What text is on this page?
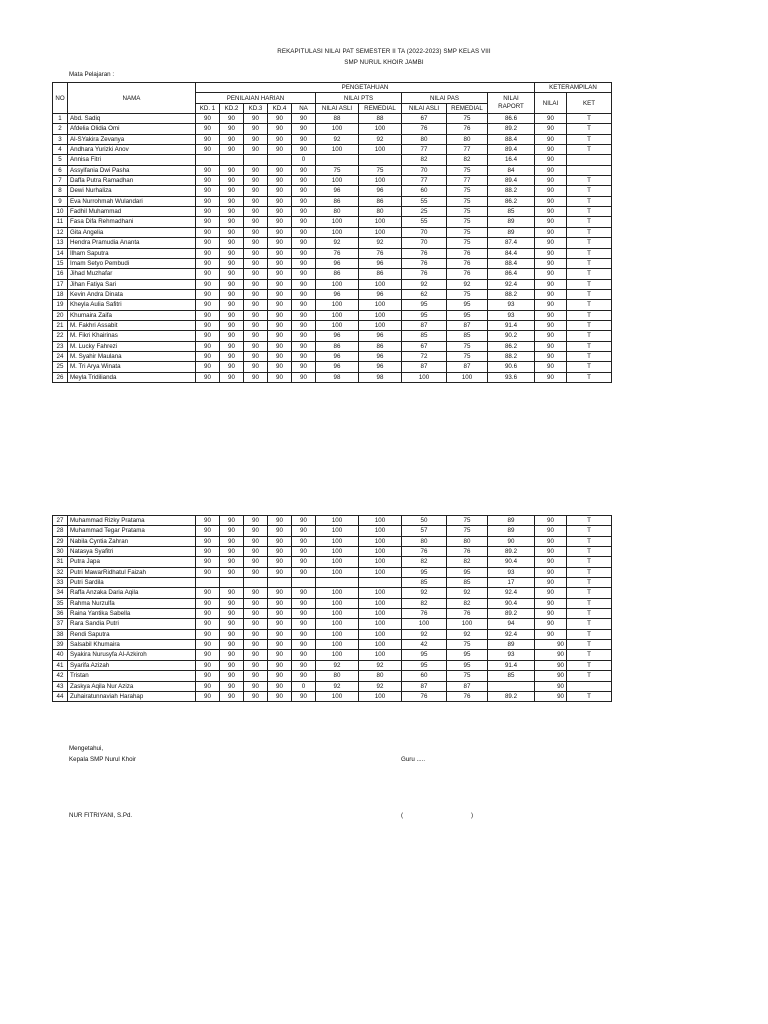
REKAPITULASI NILAI PAT SEMESTER II TA (2022-2023) SMP KELAS VIII
SMP NURUL KHOIR JAMBI
Mata Pelajaran :
NO	NAMA	PENGETAHUAN										KETERAMPILAN	
		PENILAIAN HARIAN					NILAI PTS		NILAI PAS		NILAI RAPORT	NILAI	KET
		KD. 1	KD.2	KD.3	KD.4	NA	NILAI ASLI	REMEDIAL	NILAI ASLI	REMEDIAL			
1	Abd. Sadiq	90	90	90	90	90	88	88	67	75	86.6	90	T
2	Afdelia Olidia Omi	90	90	90	90	90	100	100	76	76	89.2	90	T
3	Al-SYakira Zevanya	90	90	90	90	90	92	92	80	80	88.4	90	T
4	Andhara Yurizki Anov	90	90	90	90	90	100	100	77	77	89.4	90	T
5	Annisa Fitri					0			82	82	16.4	90	
6	Assyifania Dwi Pasha	90	90	90	90	90	75	75	70	75	84	90	
7	Daffa Putra Ramadhan	90	90	90	90	90	100	100	77	77	89.4	90	T
8	Dewi Nurhaliza	90	90	90	90	90	96	96	60	75	88.2	90	T
9	Eva Nurrohmah Wulandari	90	90	90	90	90	86	86	55	75	86.2	90	T
10	Fadhil Muhammad	90	90	90	90	90	80	80	25	75	85	90	T
11	Fasa Difa Rehmadhani	90	90	90	90	90	100	100	55	75	89	90	T
12	Gita Angelia	90	90	90	90	90	100	100	70	75	89	90	T
13	Hendra Pramudia Ananta	90	90	90	90	90	92	92	70	75	87.4	90	T
14	Ilham Saputra	90	90	90	90	90	76	76	76	76	84.4	90	T
15	Imam Setyo Pembudi	90	90	90	90	90	96	96	76	76	88.4	90	T
16	Jihad Muzhafar	90	90	90	90	90	86	86	76	76	86.4	90	T
17	Jihan Fatiya Sari	90	90	90	90	90	100	100	92	92	92.4	90	T
18	Kevin Andra Dinata	90	90	90	90	90	96	96	62	75	88.2	90	T
19	Kheyla Aulia Safitri	90	90	90	90	90	100	100	95	95	93	90	T
20	Khumaira Zaifa	90	90	90	90	90	100	100	95	95	93	90	T
21	M. Fakhri Assabit	90	90	90	90	90	100	100	87	87	91.4	90	T
22	M. Fikri Khairinas	90	90	90	90	90	96	96	85	85	90.2	90	T
23	M. Lucky Fahrezi	90	90	90	90	90	86	86	67	75	86.2	90	T
24	M. Syahir Maulana	90	90	90	90	90	96	96	72	75	88.2	90	T
25	M. Tri Arya Winata	90	90	90	90	90	96	96	87	87	90.6	90	T
26	Meyla Tridilianda	90	90	90	90	90	98	98	100	100	93.6	90	T
27	Muhammad Rizky Pratama	90	90	90	90	90	100	100	50	75	89	90	T
28	Muhammad Tegar Pratama	90	90	90	90	90	100	100	57	75	89	90	T
29	Nabila Cyntia Zahran	90	90	90	90	90	100	100	80	80	90	90	T
30	Natasya Syafitri	90	90	90	90	90	100	100	76	76	89.2	90	T
31	Putra Japa	90	90	90	90	90	100	100	82	82	90.4	90	T
32	Putri MawarRidhatul Faizah	90	90	90	90	90	100	100	95	95	93	90	T
33	Putri Sardila								85	85	17	90	T
34	Raffa Anzaka Daria Aqila	90	90	90	90	90	100	100	92	92	92.4	90	T
35	Rahma Nurzulfa	90	90	90	90	90	100	100	82	82	90.4	90	T
36	Raina Yantika Sabella	90	90	90	90	90	100	100	76	76	89.2	90	T
37	Rara Sandia Putri	90	90	90	90	90	100	100	100	100	94	90	T
38	Rendi Saputra	90	90	90	90	90	100	100	92	92	92.4	90	T
39	Salsabil Khumaira	90	90	90	90	90	100	100	42	75	89	90	T
40	Syakira Nurusyfa Al-Azkiroh	90	90	90	90	90	100	100	95	95	93	90	T
41	Syarifa Azizah	90	90	90	90	90	92	92	95	95	91.4	90	T
42	Tristan	90	90	90	90	90	80	80	60	75	85	90	T
43	Zaskya Aqila Nur Aziza	90	90	90	90	0	92	92	87	87		90	
44	Zuhairatunnaviah Harahap	90	90	90	90	90	100	100	76	76	89.2	90	T
Mengetahui,
Kepala SMP Nurul Khoir	Guru .....
NUR FITRIYANI, S.Pd.	(	)
